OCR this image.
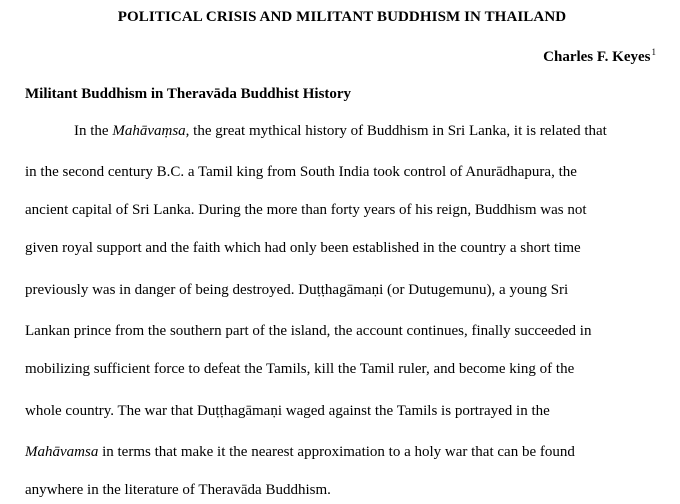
POLITICAL CRISIS AND MILITANT BUDDHISM IN THAILAND
Charles F. Keyes$^1$
Militant Buddhism in Theravāda Buddhist History
In the Mahāvaṃsa, the great mythical history of Buddhism in Sri Lanka, it is related that
in the second century B.C. a Tamil king from South India took control of Anurādhapura, the
ancient capital of Sri Lanka. During the more than forty years of his reign, Buddhism was not
given royal support and the faith which had only been established in the country a short time
previously was in danger of being destroyed. Duṭṭhagāmaṇi (or Dutugemunu), a young Sri
Lankan prince from the southern part of the island, the account continues, finally succeeded in
mobilizing sufficient force to defeat the Tamils, kill the Tamil ruler, and become king of the
whole country. The war that Duṭṭhagāmaṇi waged against the Tamils is portrayed in the
Mahāvamsa in terms that make it the nearest approximation to a holy war that can be found
anywhere in the literature of Theravāda Buddhism.
